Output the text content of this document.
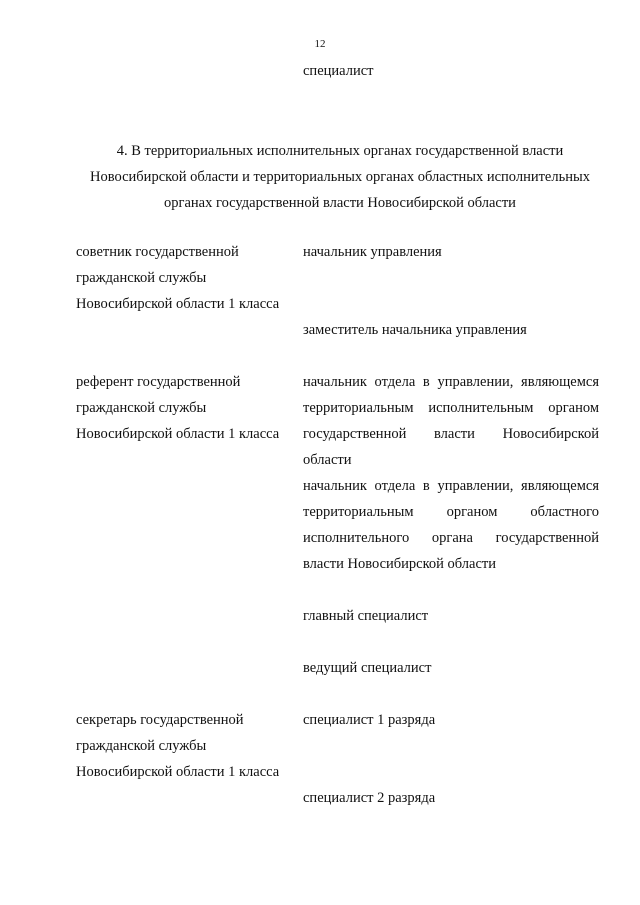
12
специалист
4. В территориальных исполнительных органах государственной власти Новосибирской области и территориальных органах областных исполнительных органах государственной власти Новосибирской области
советник государственной
гражданской службы
Новосибирской области 1 класса
начальник управления
заместитель начальника управления
референт государственной
гражданской службы
Новосибирской области 1 класса
начальник отдела в управлении, являющемся территориальным исполнительным органом государственной власти Новосибирской области
начальник отдела в управлении, являющемся территориальным органом областного исполнительного органа государственной власти Новосибирской области
главный специалист
ведущий специалист
секретарь государственной
гражданской службы
Новосибирской области 1 класса
специалист 1 разряда
специалист 2 разряда
